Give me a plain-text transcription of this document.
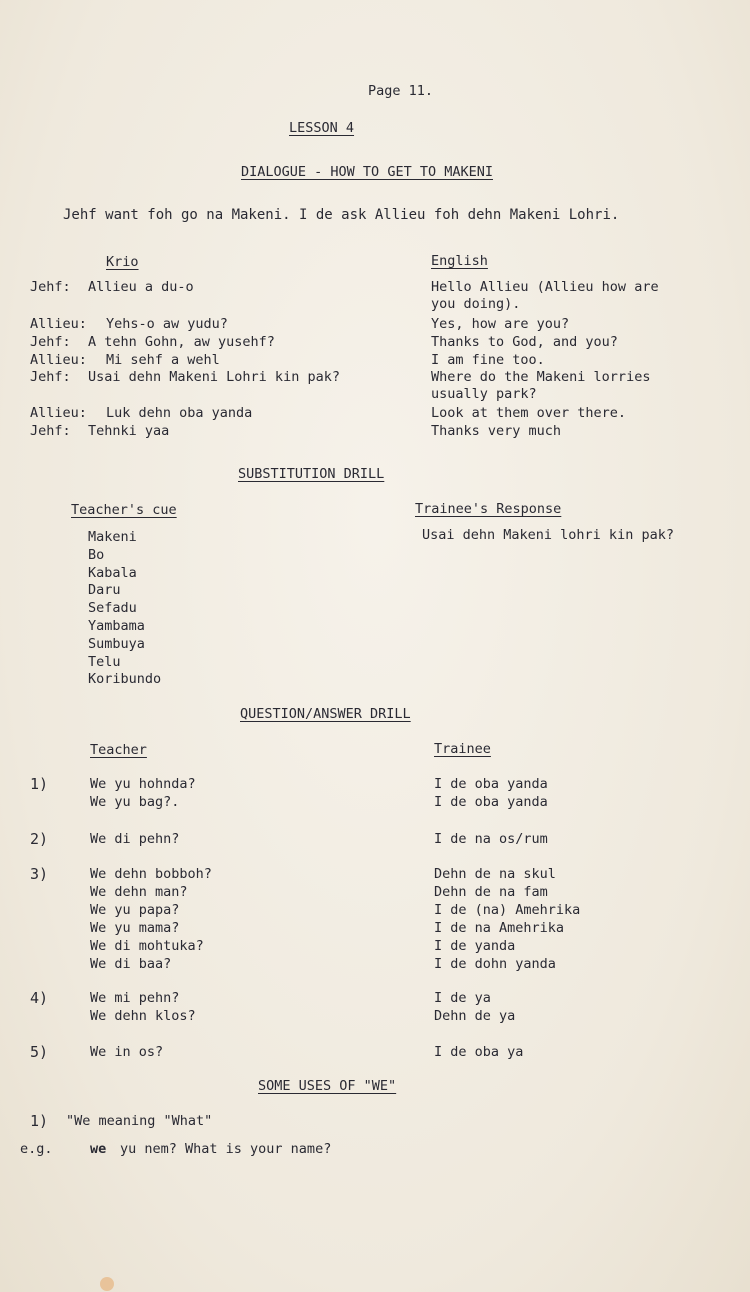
Page 11.
LESSON 4
DIALOGUE - HOW TO GET TO MAKENI
Jehf want foh go na Makeni. I de ask Allieu foh dehn Makeni Lohri.
Krio	English
Jehf: Allieu a du-o	Hello Allieu (Allieu how are
you doing).
Allieu: Yehs-o aw yudu?	Yes, how are you?
Jehf: A tehn Gohn, aw yusehf?	Thanks to God, and you?
Allieu: Mi sehf a wehl	I am fine too.
Jehf: Usai dehn Makeni Lohri kin pak?	Where do the Makeni lorries
usually park?
Allieu: Luk dehn oba yanda	Look at them over there.
Jehf: Tehnki yaa	Thanks very much
SUBSTITUTION DRILL
Teacher's cue	Trainee's Response
Usai dehn Makeni lohri kin pak?
Makeni
Bo
Kabala
Daru
Sefadu
Yambama
Sumbuya
Telu
Koribundo
QUESTION/ANSWER DRILL
Teacher	Trainee
1)	We yu hohnda?	I de oba yanda
We yu bag?.	I de oba yanda
2)	We di pehn?	I de na os/rum
3)	We dehn bobboh?	Dehn de na skul
We dehn man?	Dehn de na fam
We yu papa?	I de (na) Amehrika
We yu mama?	I de na Amehrika
We di mohtuka?	I de yanda
We di baa?	I de dohn yanda
4)	We mi pehn?	I de ya
We dehn klos?	Dehn de ya
5)	We in os?	I de oba ya
SOME USES OF "WE"
1) "We meaning "What"
e.g.	we yu nem? What is your name?
